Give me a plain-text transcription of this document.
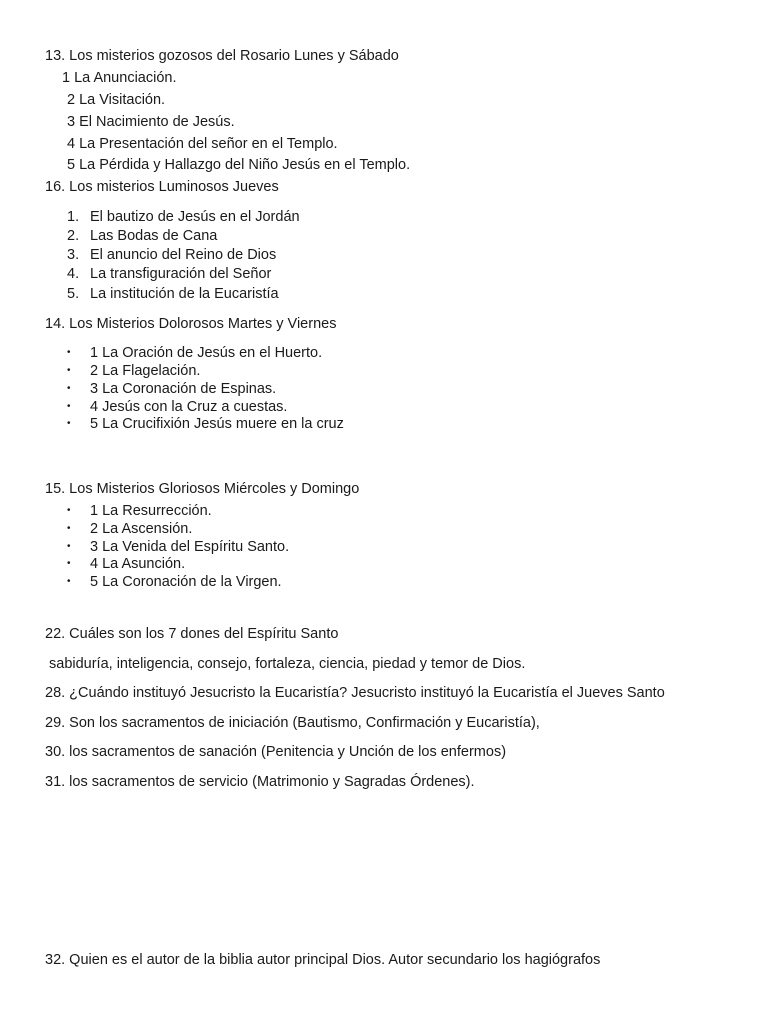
13. Los misterios gozosos del Rosario Lunes y Sábado
1 La Anunciación.
2 La Visitación.
3 El Nacimiento de Jesús.
4 La Presentación del señor en el Templo.
5 La Pérdida y Hallazgo del Niño Jesús en el Templo.
16. Los misterios Luminosos Jueves
1. El bautizo de Jesús en el Jordán
2. Las Bodas de Cana
3. El anuncio del Reino de Dios
4. La transfiguración del Señor
5. La institución de la Eucaristía
14. Los Misterios Dolorosos Martes y Viernes
• 1 La Oración de Jesús en el Huerto.
• 2 La Flagelación.
• 3 La Coronación de Espinas.
• 4 Jesús con la Cruz a cuestas.
• 5 La Crucifixión Jesús muere en la cruz
15. Los Misterios Gloriosos Miércoles y Domingo
• 1 La Resurrección.
• 2 La Ascensión.
• 3 La Venida del Espíritu Santo.
• 4 La Asunción.
• 5 La Coronación de la Virgen.
22. Cuáles son los 7 dones del Espíritu Santo
sabiduría, inteligencia, consejo, fortaleza, ciencia, piedad y temor de Dios.
28. ¿Cuándo instituyó Jesucristo la Eucaristía? Jesucristo instituyó la Eucaristía el Jueves Santo
29. Son los sacramentos de iniciación (Bautismo, Confirmación y Eucaristía),
30. los sacramentos de sanación (Penitencia y Unción de los enfermos)
31. los sacramentos de servicio (Matrimonio y Sagradas Órdenes).
32. Quien es el autor de la biblia autor principal Dios. Autor secundario los hagiógrafos
